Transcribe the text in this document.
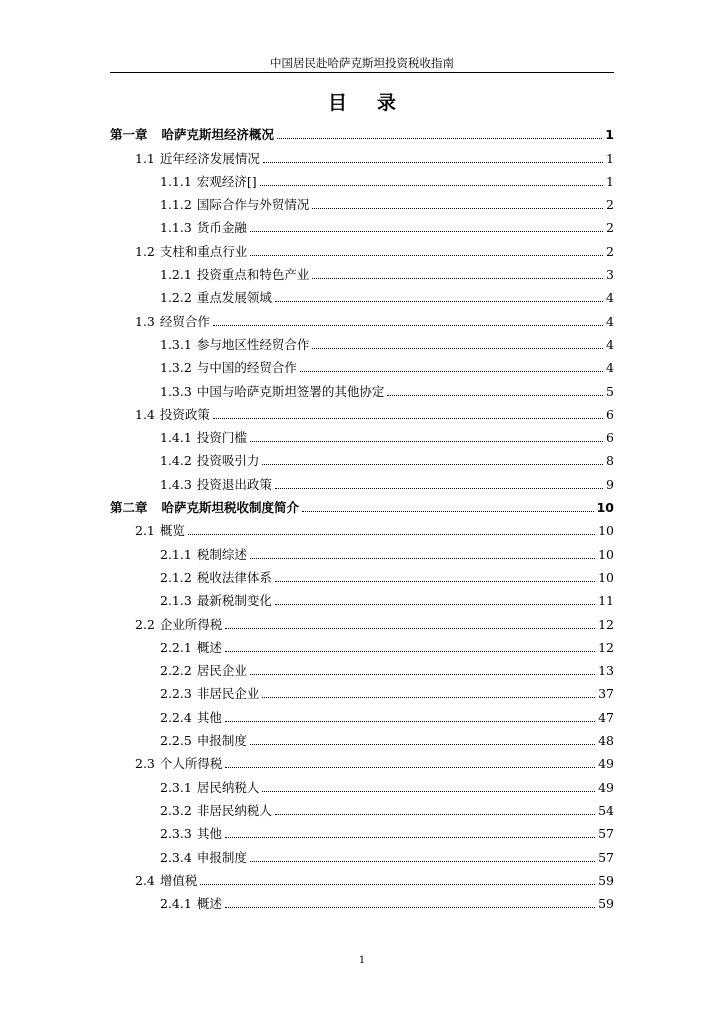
中国居民赴哈萨克斯坦投资税收指南
目录
第一章 哈萨克斯坦经济概况	1
1.1 近年经济发展情况	1
1.1.1 宏观经济[]	1
1.1.2 国际合作与外贸情况	2
1.1.3 货币金融	2
1.2 支柱和重点行业	2
1.2.1 投资重点和特色产业	3
1.2.2 重点发展领域	4
1.3 经贸合作	4
1.3.1 参与地区性经贸合作	4
1.3.2 与中国的经贸合作	4
1.3.3 中国与哈萨克斯坦签署的其他协定	5
1.4 投资政策	6
1.4.1 投资门槛	6
1.4.2 投资吸引力	8
1.4.3 投资退出政策	9
第二章 哈萨克斯坦税收制度简介	10
2.1 概览	10
2.1.1 税制综述	10
2.1.2 税收法律体系	10
2.1.3 最新税制变化	11
2.2 企业所得税	12
2.2.1 概述	12
2.2.2 居民企业	13
2.2.3 非居民企业	37
2.2.4 其他	47
2.2.5 申报制度	48
2.3 个人所得税	49
2.3.1 居民纳税人	49
2.3.2 非居民纳税人	54
2.3.3 其他	57
2.3.4 申报制度	57
2.4 增值税	59
2.4.1 概述	59
1
